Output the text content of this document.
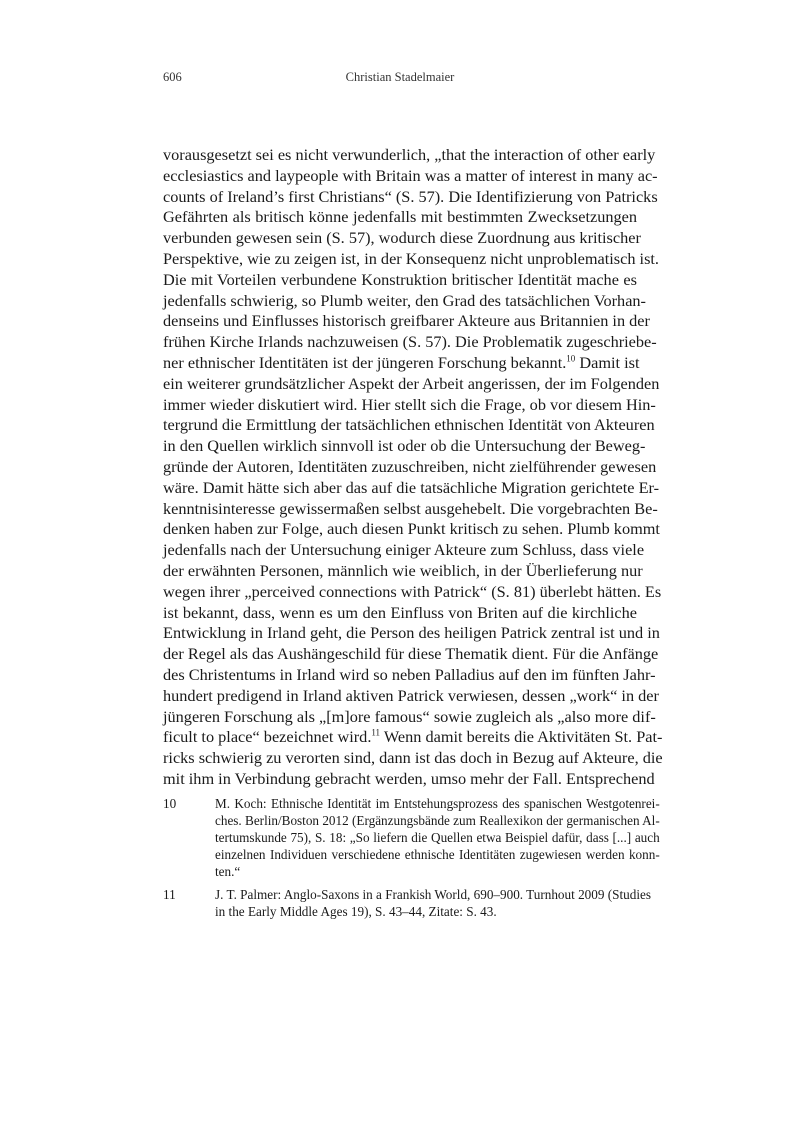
606	Christian Stadelmaier
vorausgesetzt sei es nicht verwunderlich, „that the interaction of other early
ecclesiastics and laypeople with Britain was a matter of interest in many ac-
counts of Ireland’s first Christians“ (S. 57). Die Identifizierung von Patricks
Gefährten als britisch könne jedenfalls mit bestimmten Zwecksetzungen
verbunden gewesen sein (S. 57), wodurch diese Zuordnung aus kritischer
Perspektive, wie zu zeigen ist, in der Konsequenz nicht unproblematisch ist.
Die mit Vorteilen verbundene Konstruktion britischer Identität mache es
jedenfalls schwierig, so Plumb weiter, den Grad des tatsächlichen Vorhan-
denseins und Einflusses historisch greifbarer Akteure aus Britannien in der
frühen Kirche Irlands nachzuweisen (S. 57). Die Problematik zugeschriebe-
ner ethnischer Identitäten ist der jüngeren Forschung bekannt.$^{10}$ Damit ist
ein weiterer grundsätzlicher Aspekt der Arbeit angerissen, der im Folgenden
immer wieder diskutiert wird. Hier stellt sich die Frage, ob vor diesem Hin-
tergrund die Ermittlung der tatsächlichen ethnischen Identität von Akteuren
in den Quellen wirklich sinnvoll ist oder ob die Untersuchung der Beweg-
gründe der Autoren, Identitäten zuzuschreiben, nicht zielführender gewesen
wäre. Damit hätte sich aber das auf die tatsächliche Migration gerichtete Er-
kenntnisinteresse gewissermaßen selbst ausgehebelt. Die vorgebrachten Be-
denken haben zur Folge, auch diesen Punkt kritisch zu sehen. Plumb kommt
jedenfalls nach der Untersuchung einiger Akteure zum Schluss, dass viele
der erwähnten Personen, männlich wie weiblich, in der Überlieferung nur
wegen ihrer „perceived connections with Patrick“ (S. 81) überlebt hätten. Es
ist bekannt, dass, wenn es um den Einfluss von Briten auf die kirchliche
Entwicklung in Irland geht, die Person des heiligen Patrick zentral ist und in
der Regel als das Aushängeschild für diese Thematik dient. Für die Anfänge
des Christentums in Irland wird so neben Palladius auf den im fünften Jahr-
hundert predigend in Irland aktiven Patrick verwiesen, dessen „work“ in der
jüngeren Forschung als „[m]ore famous“ sowie zugleich als „also more dif-
ficult to place“ bezeichnet wird.$^{11}$ Wenn damit bereits die Aktivitäten St. Pat-
ricks schwierig zu verorten sind, dann ist das doch in Bezug auf Akteure, die
mit ihm in Verbindung gebracht werden, umso mehr der Fall. Entsprechend
10	M. Koch: Ethnische Identität im Entstehungsprozess des spanischen Westgotenrei-
ches. Berlin/Boston 2012 (Ergänzungsbände zum Reallexikon der germanischen Al-
tertumskunde 75), S. 18: „So liefern die Quellen etwa Beispiel dafür, dass [...] auch
einzelnen Individuen verschiedene ethnische Identitäten zugewiesen werden konn-
ten.“
11	J. T. Palmer: Anglo-Saxons in a Frankish World, 690–900. Turnhout 2009 (Studies
in the Early Middle Ages 19), S. 43–44, Zitate: S. 43.
